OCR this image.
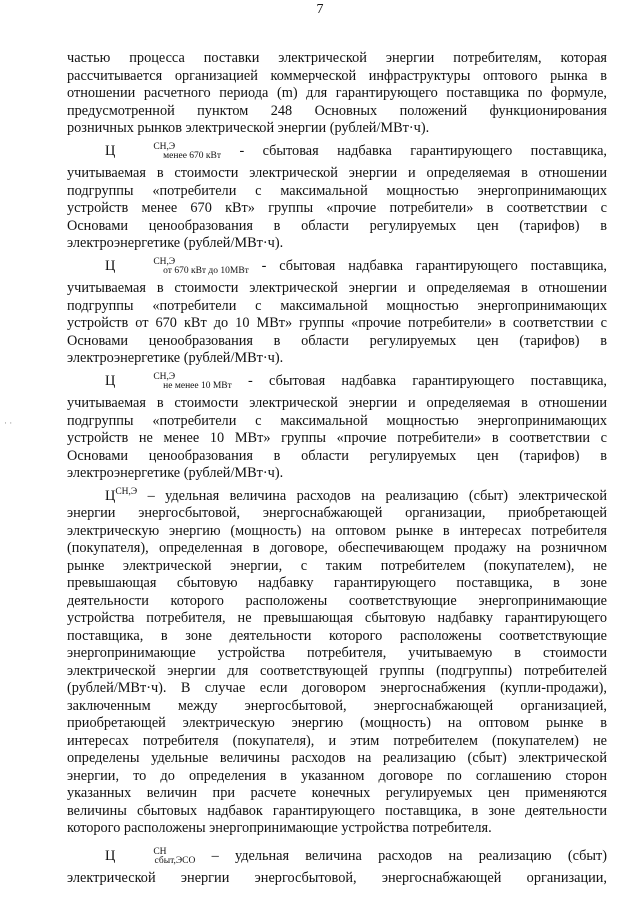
7
· ·

частью процесса поставки электрической энергии потребителям, которая

рассчитывается организацией коммерческой инфраструктуры оптового рынка в

отношении расчетного периода (m) для гарантирующего поставщика по формуле,

предусмотренной пунктом 248 Основных положений функционирования

розничных рынков электрической энергии (рублей/МВт·ч).

Ц	$^{СН,Э}_{менее 670 кВт}$ - сбытовая надбавка гарантирующего поставщика,

учитываемая в стоимости электрической энергии и определяемая в отношении

подгруппы «потребители с максимальной мощностью энергопринимающих

устройств менее 670 кВт» группы «прочие потребители» в соответствии с

Основами ценообразования в области регулируемых цен (тарифов) в

электроэнергетике (рублей/МВт·ч).

Ц	$^{СН,Э}_{от 670 кВт до 10МВт}$ - сбытовая надбавка гарантирующего поставщика,

учитываемая в стоимости электрической энергии и определяемая в отношении

подгруппы «потребители с максимальной мощностью энергопринимающих

устройств от 670 кВт до 10 МВт» группы «прочие потребители» в соответствии с

Основами ценообразования в области регулируемых цен (тарифов) в

электроэнергетике (рублей/МВт·ч).

Ц	$^{СН,Э}_{не менее 10 МВт}$ - сбытовая надбавка гарантирующего поставщика,

учитываемая в стоимости электрической энергии и определяемая в отношении

подгруппы «потребители с максимальной мощностью энергопринимающих

устройств не менее 10 МВт» группы «прочие потребители» в соответствии с

Основами ценообразования в области регулируемых цен (тарифов) в

электроэнергетике (рублей/МВт·ч).

$Ц^{СН,Э}$ – удельная величина расходов на реализацию (сбыт) электрической

энергии энергосбытовой, энергоснабжающей организации, приобретающей

электрическую энергию (мощность) на оптовом рынке в интересах потребителя

(покупателя), определенная в договоре, обеспечивающем продажу на розничном

рынке электрической энергии, с таким потребителем (покупателем), не

превышающая сбытовую надбавку гарантирующего поставщика, в зоне

деятельности которого расположены соответствующие энергопринимающие

устройства потребителя, не превышающая сбытовую надбавку гарантирующего

поставщика, в зоне деятельности которого расположены соответствующие

энергопринимающие устройства потребителя, учитываемую в стоимости

электрической энергии для соответствующей группы (подгруппы) потребителей

(рублей/МВт·ч). В случае если договором энергоснабжения (купли-продажи),

заключенным между энергосбытовой, энергоснабжающей организацией,

приобретающей электрическую энергию (мощность) на оптовом рынке в

интересах потребителя (покупателя), и этим потребителем (покупателем) не

определены удельные величины расходов на реализацию (сбыт) электрической

энергии, то до определения в указанном договоре по соглашению сторон

указанных величин при расчете конечных регулируемых цен применяются

величины сбытовых надбавок гарантирующего поставщика, в зоне деятельности

которого расположены энергопринимающие устройства потребителя.

Ц	$^{СН}_{сбыт,ЭСО}$ – удельная величина расходов на реализацию (сбыт)

электрической энергии энергосбытовой, энергоснабжающей организации,
